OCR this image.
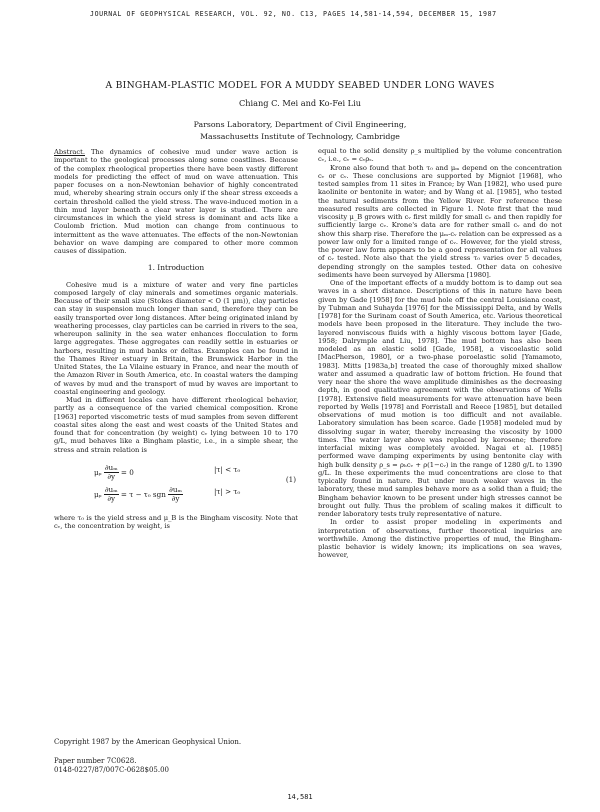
JOURNAL OF GEOPHYSICAL RESEARCH, VOL. 92, NO. C13, PAGES 14,581-14,594, DECEMBER 15, 1987
A BINGHAM-PLASTIC MODEL FOR A MUDDY SEABED UNDER LONG WAVES
Chiang C. Mei and Ko-Fei Liu
Parsons Laboratory, Department of Civil Engineering,
Massachusetts Institute of Technology, Cambridge

Abstract. The dynamics of cohesive mud under wave action is important to the geological processes along some coastlines. Because of the complex rheological properties there have been vastly different models for predicting the effect of mud on wave attenuation. This paper focuses on a non-Newtonian behavior of highly concentrated mud, whereby shearing strain occurs only if the shear stress exceeds a certain threshold called the yield stress. The wave-induced motion in a thin mud layer beneath a clear water layer is studied. There are circumstances in which the yield stress is dominant and acts like a Coulomb friction. Mud motion can change from continuous to intermittent as the wave attenuates. The effects of the non-Newtonian behavior on wave damping are compared to other more common causes of dissipation.

1. Introduction

Cohesive mud is a mixture of water and very fine particles composed largely of clay minerals and sometimes organic materials. Because of their small size (Stokes diameter < O (1 μm)), clay particles can stay in suspension much longer than sand, therefore they can be easily transported over long distances. After being originated inland by weathering processes, clay particles can be carried in rivers to the sea, whereupon salinity in the sea water enhances flocculation to form large aggregates. These aggregates can readily settle in estuaries or harbors, resulting in mud banks or deltas. Examples can be found in the Thames River estuary in Britain, the Brunswick Harbor in the United States, the La Vilaine estuary in France, and near the mouth of the Amazon River in South America, etc. In coastal waters the damping of waves by mud and the transport of mud by waves are important to coastal engineering and geology.

Mud in different locales can have different rheological behavior, partly as a consequence of the varied chemical composition. Krone [1963] reported viscometric tests of mud samples from seven different coastal sites along the east and west coasts of the United States and found that for concentration (by weight) cᵥ lying between 10 to 170 g/L, mud behaves like a Bingham plastic, i.e., in a simple shear, the stress and strain relation is

μₚ $\frac{\text{∂uₘ}}{\partial y} = 0$	|τ| < τ₀
μₚ $\frac{\text{∂uₘ}}{\partial y} = \tau - \tau_0$ sgn $\frac{\text{∂uₘ}}{\partial y}$	|τ| > τ₀
(1)

where τ₀ is the yield stress and μ_B is the Bingham viscosity. Note that cᵥ, the concentration by weight, is

equal to the solid density ρ_s multiplied by the volume concentration cᵥ, i.e., cᵥ = cᵥρₛ.

Krone also found that both τ₀ and μₘ depend on the concentration cᵥ or cᵥ. These conclusions are supported by Migniot [1968], who tested samples from 11 sites in France; by Wan [1982], who used pure kaolinite or bentonite in water; and by Wang et al. [1985], who tested the natural sediments from the Yellow River. For reference these measured results are collected in Figure 1. Note first that the mud viscosity μ_B grows with cᵥ first mildly for small cᵥ and then rapidly for sufficiently large cᵥ. Krone's data are for rather small cᵥ and do not show this sharp rise. Therefore the μₘ-cᵥ relation can be expressed as a power law only for a limited range of cᵥ. However, for the yield stress, the power law form appears to be a good representation for all values of cᵥ tested. Note also that the yield stress τ₀ varies over 5 decades, depending strongly on the samples tested. Other data on cohesive sediments have been surveyed by Allersma [1980].

One of the important effects of a muddy bottom is to damp out sea waves in a short distance. Descriptions of this in nature have been given by Gade [1958] for the mud hole off the central Louisiana coast, by Tubman and Suhayda [1976] for the Mississippi Delta, and by Wells [1978] for the Surinam coast of South America, etc. Various theoretical models have been proposed in the literature. They include the two-layered nonviscous fluids with a highly viscous bottom layer [Gade, 1958; Dalrymple and Liu, 1978]. The mud bottom has also been modeled as an elastic solid [Gade, 1958], a viscoelastic solid [MacPherson, 1980], or a two-phase poroelastic solid [Yamamoto, 1983]. Mitts [1983a,b] treated the case of thoroughly mixed shallow water and assumed a quadratic law of bottom friction. He found that very near the shore the wave amplitude diminishes as the decreasing depth, in good qualitative agreement with the observations of Wells [1978]. Extensive field measurements for wave attenuation have been reported by Wells [1978] and Forristall and Reece [1985], but detailed observations of mud motion is too difficult and not available. Laboratory simulation has been scarce. Gade [1958] modeled mud by dissolving sugar in water, thereby increasing the viscosity by 1000 times. The water layer above was replaced by kerosene; therefore interfacial mixing was completely avoided. Nagai et al. [1985] performed wave damping experiments by using bentonite clay with high bulk density ρ_s = ρₕcᵥ + ρ(1−cᵥ) in the range of 1280 g/L to 1390 g/L. In these experiments the mud concentrations are close to that typically found in nature. But under much weaker waves in the laboratory, these mud samples behave more as a solid than a fluid; the Bingham behavior known to be present under high stresses cannot be brought out fully. Thus the problem of scaling makes it difficult to render laboratory tests truly representative of nature.

In order to assist proper modeling in experiments and interpretation of observations, further theoretical inquiries are worthwhile. Among the distinctive properties of mud, the Bingham-plastic behavior is widely known; its implications on sea waves, however,

Copyright 1987 by the American Geophysical Union.
Paper number 7C0628.
0148-0227/87/007C-0628$05.00
14,581
